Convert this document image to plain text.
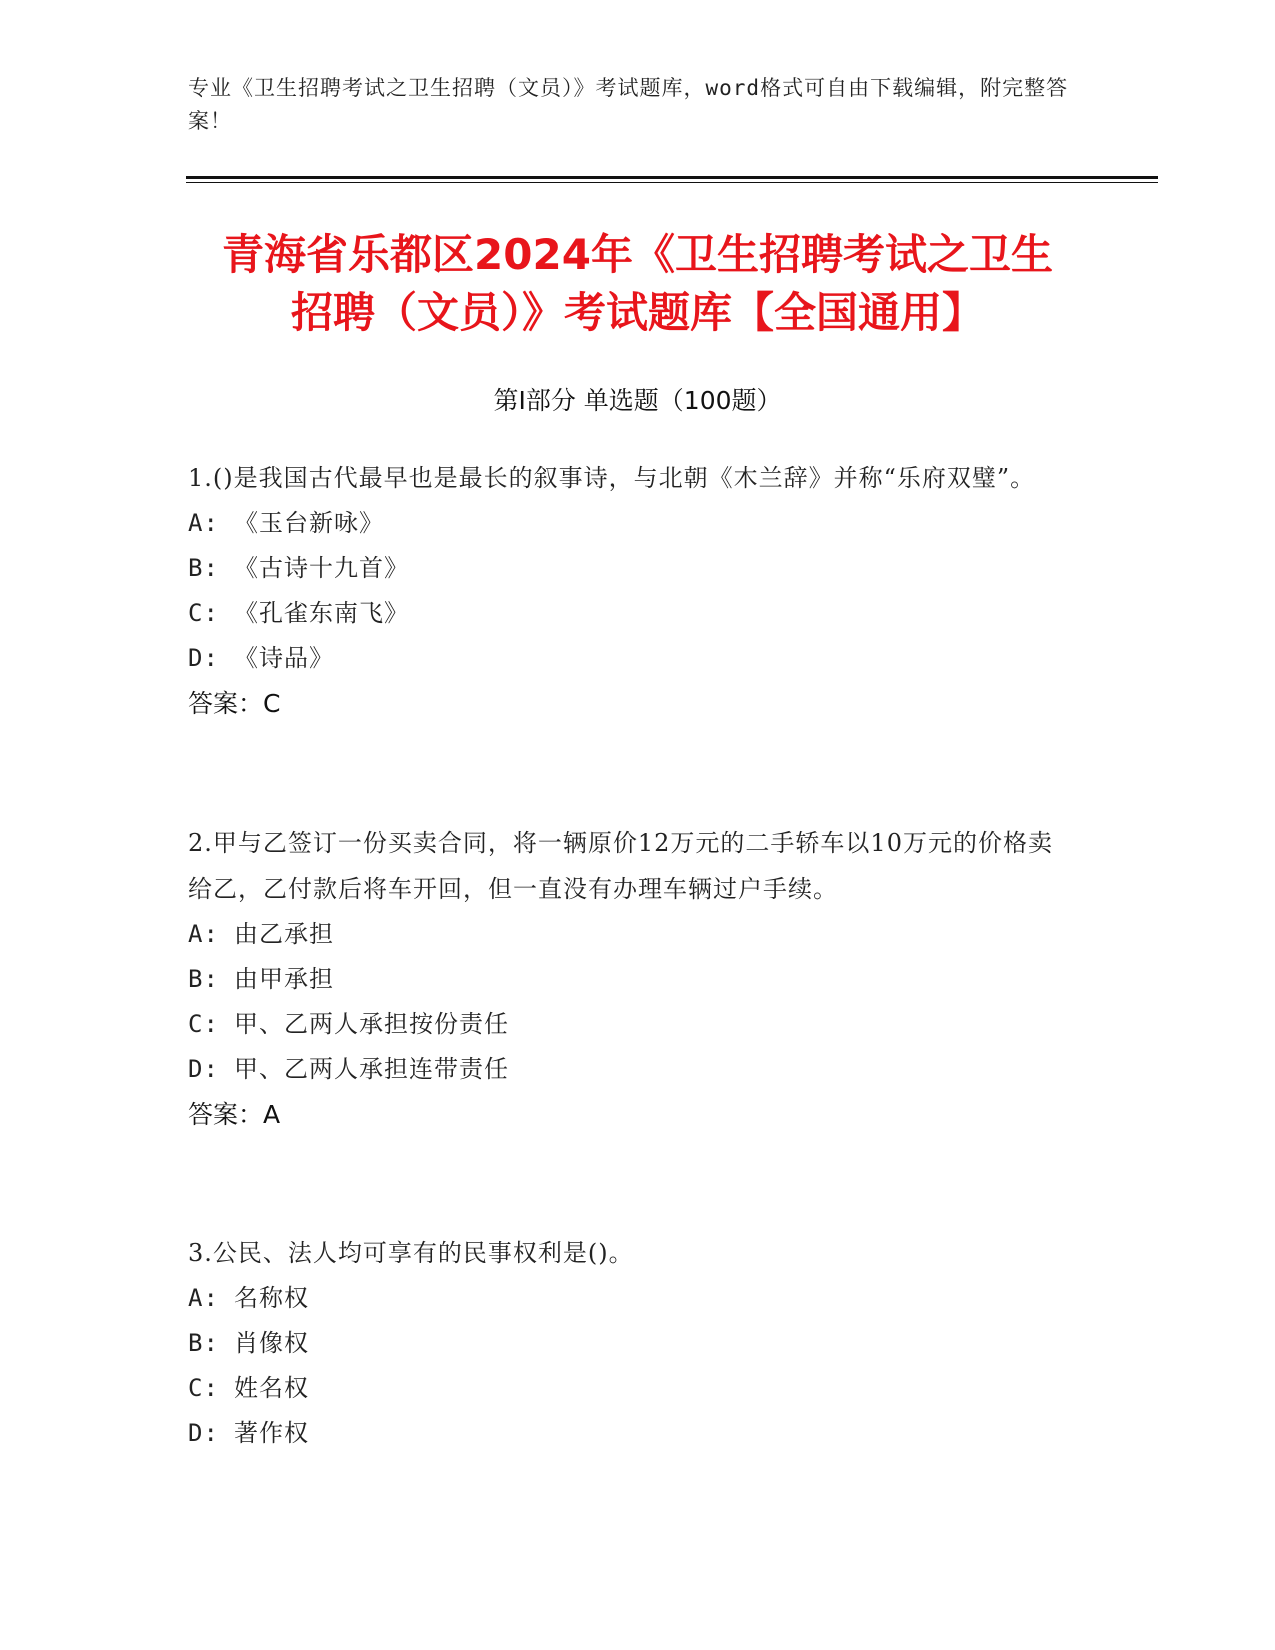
专业《卫生招聘考试之卫生招聘（文员）》考试题库，word格式可自由下载编辑，附完整答案！
青海省乐都区2024年《卫生招聘考试之卫生
招聘（文员）》考试题库【全国通用】
第Ⅰ部分 单选题（100题）
1.()是我国古代最早也是最长的叙事诗，与北朝《木兰辞》并称“乐府双璧”。
A: 《玉台新咏》
B: 《古诗十九首》
C: 《孔雀东南飞》
D: 《诗品》
答案：C
2.甲与乙签订一份买卖合同，将一辆原价12万元的二手轿车以10万元的价格卖给乙，乙付款后将车开回，但一直没有办理车辆过户手续。
A: 由乙承担
B: 由甲承担
C: 甲、乙两人承担按份责任
D: 甲、乙两人承担连带责任
答案：A
3.公民、法人均可享有的民事权利是()。
A: 名称权
B: 肖像权
C: 姓名权
D: 著作权
